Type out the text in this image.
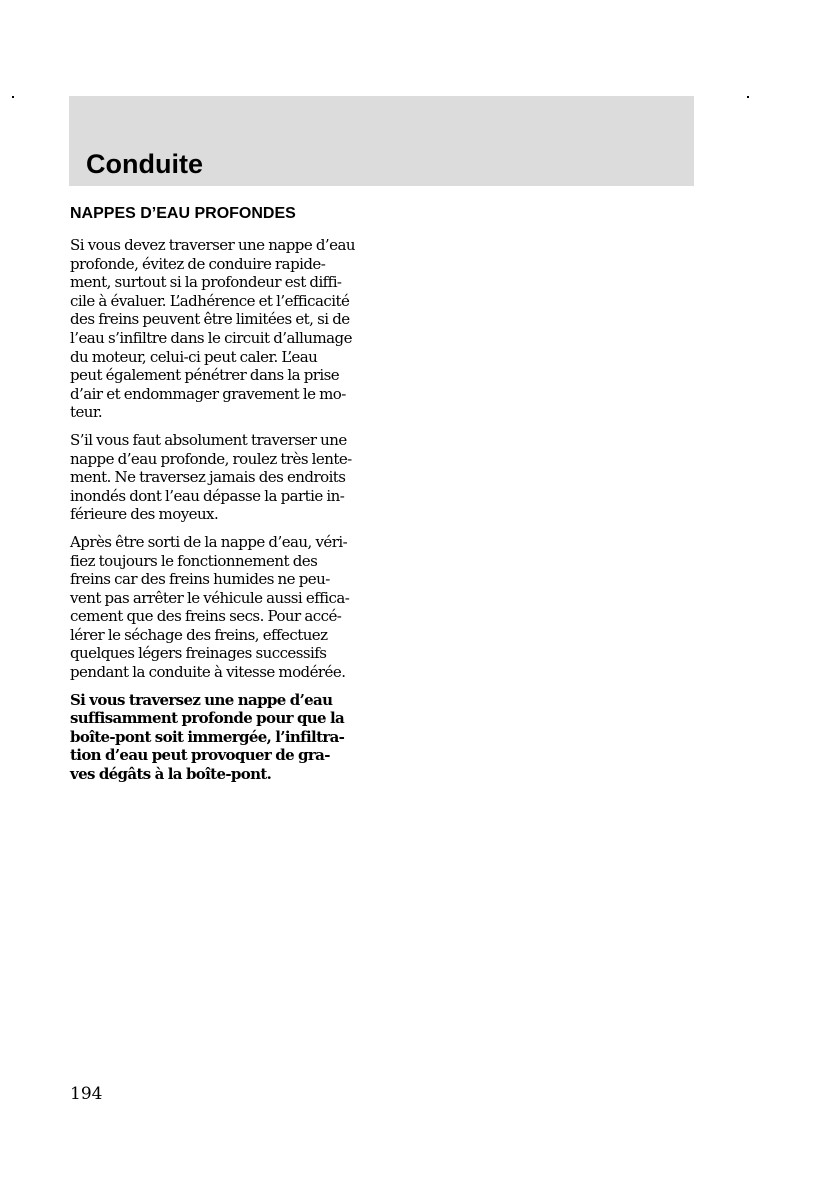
Conduite
NAPPES D’EAU PROFONDES

Si vous devez traverser une nappe d’eau
profonde, évitez de conduire rapide-
ment, surtout si la profondeur est diffi-
cile à évaluer. L’adhérence et l’efficacité
des freins peuvent être limitées et, si de
l’eau s’infiltre dans le circuit d’allumage
du moteur, celui-ci peut caler. L’eau
peut également pénétrer dans la prise
d’air et endommager gravement le mo-
teur.

S’il vous faut absolument traverser une
nappe d’eau profonde, roulez très lente-
ment. Ne traversez jamais des endroits
inondés dont l’eau dépasse la partie in-
férieure des moyeux.

Après être sorti de la nappe d’eau, véri-
fiez toujours le fonctionnement des
freins car des freins humides ne peu-
vent pas arrêter le véhicule aussi effica-
cement que des freins secs. Pour accé-
lérer le séchage des freins, effectuez
quelques légers freinages successifs
pendant la conduite à vitesse modérée.

Si vous traversez une nappe d’eau
suffisamment profonde pour que la
boîte-pont soit immergée, l’infiltra-
tion d’eau peut provoquer de gra-
ves dégâts à la boîte-pont.

194
